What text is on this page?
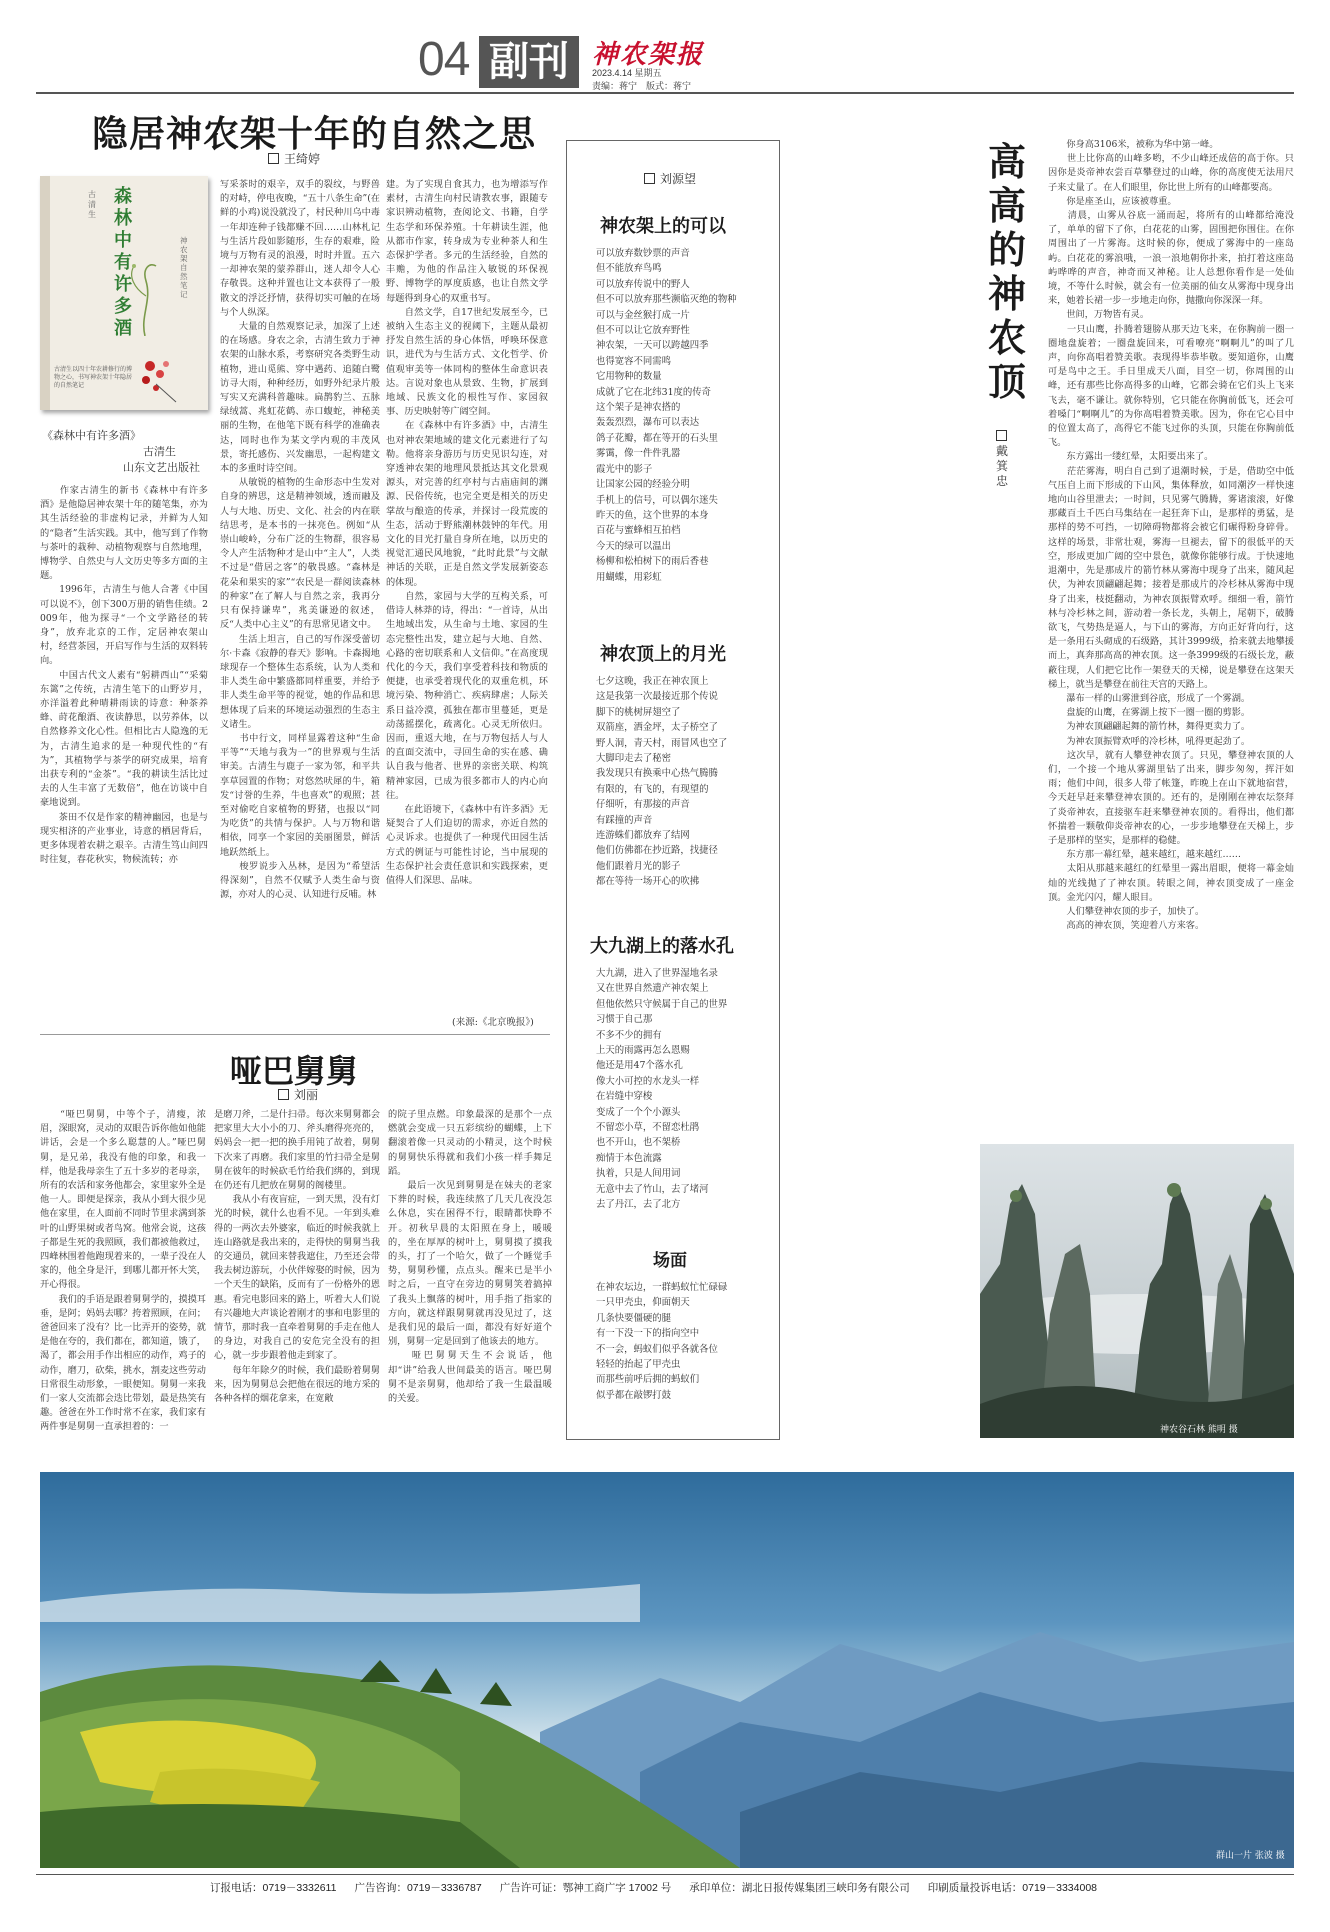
04 副刊 神农架报
2023.4.14 星期五
责编：蒋宁　版式：蒋宁
隐居神农架十年的自然之思
王绮婷
森林中有许多酒
古清生
神农架自然笔记
古清生以四十年农耕修行的博物之心，书写神农架十年隐居的自然笔记
《森林中有许多酒》
古清生
山东文艺出版社
　　作家古清生的新书《森林中有许多酒》是他隐居神农架十年的随笔集，亦为其生活经验的非虚构记录，并鲜为人知的“隐者”生活实践。其中，他写到了作物与茶叶的栽种、动植物观察与自然地理，博物学、自然史与人文历史等多方面的主题。
　　1996年，古清生与他人合著《中国可以说不》，创下300万册的销售佳绩。2009年，他为探寻“一个文学路径的转身”，放弃北京的工作，定居神农架山村，经营茶园，开启写作与生活的双料转向。
　　中国古代文人素有“躬耕西山”“采菊东篱”之传统，古清生笔下的山野岁月，亦洋溢着此种晴耕雨读的诗意：种茶养蜂、莳花酿酒、夜读静思，以劳养体，以自然修养文化心性。但相比古人隐逸的无为，古清生追求的是一种现代性的“有为”，其植物学与茶学的研究成果，培育出获专利的“金茶”。“我的耕读生活比过去的人生丰富了无数倍”，他在访谈中自豪地说到。
　　茶田不仅是作家的精神幽园，也是与现实相济的产业事业，诗意的栖居背后，更多体现着农耕之艰辛。古清生笃山间四时往复，春花秋实，物候流转；亦
写采茶时的艰辛，双手的裂纹，与野兽的对峙，停电夜晚，“五十八条生命”(在鲜的小鸡)说没就没了，村民种川乌中毒一年却连种子钱都赚不回……山林札记与生活片段如影随形，生存的艰难，险境与万物有灵的浪漫，时时并置。五六一却神农架的蒙养群山，迷人却令人心存敬畏。这种并置也让文本获得了一般散文的浮泛抒情，获得切实可触的在场与个人纵深。
　　大量的自然观察记录，加深了上述的在场感。身农之余，古清生致力于神农架的山脉水系，考察研究各类野生动植物，进山觅熊、穿中遇药、追随白鹭访寻大雨，种种经历，如野外纪录片般写实又充满科普趣味。扁鹊豹兰、五脉绿绒蒿、兆虹花鹤、赤口蝮蛇，神秘美丽的生物，在他笔下既有科学的准确表达，同时也作为某文学内观的丰茂风景，寄托感伤、兴发幽思，一起构建文本的多重时诗空间。
　　从敏锐的植物的生命形态中生发对自身的辨思，这是精神领域，透而融及人与大地、历史、文化、社会的内在联结思考，是本书的一抹亮色。例如“从崇山峻岭，分布广泛的生物群，很容易令人产生活物种才是山中“主人”，人类不过是“借居之客”的敬畏感。“森林是花朵和果实的家”“农民是一群阅读森林的种家”在了解人与自然之亲，我再分只有保持谦卑”，兆美谦逊的叙述，反“人类中心主义”的有思常见诸文中。
　　生活上坦言，自己的写作深受蕾切尔·卡森《寂静的春天》影响。卡森揭地球现存一个整体生态系统，认为人类和非人类生命中繁盛都同样重要，并给予非人类生命平等的视觉，她的作品和思想体现了后来的环境运动强烈的生态主义诸生。
　　书中行文，同样显露着这种“生命平等”“天地与我为一”的世界观与生活审美。古清生与鹿子一家为邻，和平共享草园置的作物；对悠然吠犀的牛，箱发“讨誉的生养，牛也喜欢”的观照；甚至对偷吃自家植物的野猪，也报以“同为吃货”的共情与保护。人与万物和谐相依，同享一个家园的美丽图景，鲜活地跃然纸上。
　　梭罗说步入丛林，是因为“希望活得深刻”，自然不仅赋予人类生命与资源，亦对人的心灵、认知进行反哺。林
建。为了实现自食其力，也为增添写作素材，古清生向村民请教农事，跟随专家识辨动植物，查阅论文、书籍，自学生态学和环保养殖。十年耕读生涯，他从都市作家，转身成为专业种茶人和生态保护学者。多元的生活经验，自然的丰赡，为他的作品注入敏锐的环保视野、博物学的厚度质感，也让自然文学每题得到身心的双重书写。
　　自然文学，自17世纪发展至今，已被纳入生态主义的视阈下，主题从最初抒发自然生活的身心体悟，呼唤环保意识，进代为与生活方式、文化哲学、价值观审美等一体同构的整体生命意识表达。言说对象也从景致、生物，扩展到地域、民族文化的根性写作、家园叙事、历史映射等广阔空间。
　　在《森林中有许多酒》中，古清生也对神农架地域的建文化元素进行了勾勒。他将亲身游历与历史见识勾连，对穿透神农架的地理风景抵达其文化景观源头，对完善的红亭村与古庙庙间的渊源、民俗传统，也完全更是相关的历史掌故与酿造的传承，并探讨一段荒废的生态，活动于野熊潮林鼓钟的年代。用文化的目光打量自身所在地，以历史的视觉汇通民风地貌，“此时此景”与文献神话的关联，正是自然文学发展新姿态的体现。
　　自然，家园与大学的互构关系，可借诗人林莽的诗，得出：“一首诗，从出生地域出发，从生命与土地、家园的生态完整性出发，建立起与大地、自然、心路的密切联系和人文信仰。”在高度现代化的今天，我们享受着科技和物质的便捷，也承受着现代化的双重危机，环境污染、物种消亡、疾病肆虐；人际关系日益冷漠，孤独在都市里蔓延，更是动荡摇摆化，疏离化。心灵无所依归。因而，重返大地，在与万物包括人与人的直面交流中，寻回生命的实在感、确认自我与他者、世界的亲密关联、构筑精神家园，已成为很多都市人的内心向往。
　　在此语境下，《森林中有许多酒》无疑契合了人们迫切的需求，亦近自然的心灵诉求。也提供了一种现代田园生活方式的例证与可能性讨论，当中展现的生态保护社会责任意识和实践探索，更值得人们深思、品味。
(来源:《北京晚报》)
哑巴舅舅
刘丽
　　“哑巴舅舅，中等个子，清瘦，浓眉，深眼窝，灵动的双眼告诉你他如他能讲话，会是一个多么聪慧的人。”哑巴舅舅，是兄弟，我没有他的印象，和我一样，他是我母亲生了五十多岁的老母亲，所有的农活和家务他都会，家里家外全是他一人。即便是探亲，我从小到大很少见他在家里，在人面前不同时节里求满到茶叶的山野果树或者鸟窝。他常会说，这孩子都是生死的我照顾，我们都被他救过，四峰林围着他跑现着来的，一辈子没在人家的，他全身是汗，到哪儿都开怀大笑，开心得很。
　　我们的手语是跟着舅舅学的，摸摸耳垂，是阿；妈妈去哪？挎着照顾，在问；爸爸回来了没有？比一比弄开的姿势，就是他在夸的，我们都在，都知道，饿了，渴了，都会用手作出相应的动作，鸡子的动作，磨刀，砍柴，挑水，割麦这些劳动日常很生动形象，一眼便知。舅舅一来我们一家人交流都会迭比带划，最是热笑有趣。爸爸在外工作时常不在家，我们家有两件事是舅舅一直承担着的：一
是磨刀斧，二是什扫帚。每次来舅舅都会把家里大大小小的刀、斧头磨得亮亮的，妈妈会一把一把的换手用钝了故着，舅舅下次来了再磨。我们家里的竹扫帚全是舅舅在彼年的时候砍毛竹给我们绑的，到现在仍还有几把放在舅舅的阁楼里。
　　我从小有夜盲症，一到天黑，没有灯光的时候，就什么也看不见。一年到头难得的一两次去外婆家，临近的时候我就上连山路就是我出来的，走得快的舅舅当我的交通员，就回来替我遮住，乃至还会带我去树边游玩，小伙伴嫁娶的时候，因为一个天生的缺陷，反而有了一份格外的恩惠。看完电影回来的路上，听着大人们说有兴趣地大声谈论着刚才的事和电影里的情节，那时我一直牵着舅舅的手走在他人的身边，对我自己的安危完全没有的担心，就一步步跟着他走到家了。
　　每年年除夕的时候，我们最盼着舅舅来，因为舅舅总会把他在很远的地方采的各种各样的烟花拿来，在宽敞
的院子里点燃。印象最深的是那个一点燃就会变成一只五彩缤纷的蝴蝶，上下翻滚着像一只灵动的小精灵，这个时候的舅舅快乐得就和我们小孩一样手舞足蹈。
　　最后一次见到舅舅是在妹夫的老家下葬的时候，我连续熬了几天几夜没怎么休息，实在困得不行，眼睛都快睁不开。初秋早晨的太阳照在身上，暖暖的，坐在厚厚的树叶上，舅舅摸了摸我的头，打了一个哈欠，做了一个睡觉手势，舅舅秒懂，点点头。醒来已是半小时之后，一直守在旁边的舅舅笑着搞掉了我头上飘落的树叶，用手指了指家的方向，就这样跟舅舅就再没见过了，这是我们见的最后一面，都没有好好道个别，舅舅一定是回到了他该去的地方。
　　哑巴舅舅天生不会说话，他却“讲”给我人世间最美的语言。哑巴舅舅不是亲舅舅，他却给了我一生最温暖的关爱。
刘源望
神农架上的可以
可以放弃数钞票的声音
但不能放弃鸟鸣
可以放弃传说中的野人
但不可以放弃那些濒临灭绝的物种
可以与金丝猴打成一片
但不可以让它放弃野性
神农架，一天可以跨越四季
也得宽容不同需鸣
它用物种的数量
成就了它在北纬31度的传奇
这个架子是神农搭的
轰轰烈烈，瀑布可以表达
鸽子花瓣，都在等开的石头里
雾霭，像一件件乳嚣
霞光中的影子
让国家公园的经验分明
手机上的信号，可以偶尔迷失
昨天的鱼，这个世界的本身
百花与蜜蜂相互拍档
今天的绿可以温出
杨柳和松柏树下的雨后香巷
用蝴蝶，用彩虹
神农顶上的月光
七夕这晚，我正在神农顶上
这是我第一次最接近那个传说
脚下的桃树屏翅空了
双箭座，洒金坪，太子桥空了
野人洞，青天村，雨冒风也空了
大脚印走去了秘密
我发现只有换乘中心热气腾腾
有限的，有飞的，有现望的
仔细听，有那接的声音
有踩撞的声音
连游蛛们都放弃了结网
他们仿佛都在抄近路，找捷径
他们跟着月光的影子
都在等待一场开心的吹拂
大九湖上的落水孔
大九湖，进入了世界湿地名录
又在世界自然遗产神农架上
但他依然只守候属于自己的世界
习惯于自己那
不多不少的拥有
上天的雨露再怎么恩赐
他还是用47个落水孔
像大小可控的水龙头一样
在岩缝中穿梭
变成了一个个小源头
不留恋小草，不留恋杜鹃
也不开山，也不架桥
痴情于本色流露
执着，只是人间用词
无意中去了竹山，去了堵河
去了丹江，去了北方
场面
在神农坛边，一群蚂蚁忙忙碌碌
一只甲壳虫，仰面朝天
几条快要僵硬的腿
有一下没一下的指向空中
不一会，蚂蚁们似乎各就各位
轻轻的抬起了甲壳虫
而那些前呼后拥的蚂蚁们
似乎都在敲锣打鼓
高高的神农顶
戴箕忠
　　你身高3106米，被称为华中第一峰。
　　世上比你高的山峰多哟，不少山峰还成倍的高于你。只因你是炎帝神农尝百草攀登过的山峰，你的高度使无法用尺子来丈量了。在人们眼里，你比世上所有的山峰都要高。
　　你是座圣山，应该被尊重。
　　清晨，山雾从谷底一涌而起，将所有的山峰都给淹没了，单单的留下了你，白花花的山雾，固围把你围住。在你周围出了一片雾海。这时候的你，便成了雾海中的一座岛屿。白花花的雾浪哦，一浪一浪地朝你扑来，拍打着这座岛屿哗哗的声音，神奇而又神秘。让人总想你看作是一处仙境，不等什么时候，就会有一位美丽的仙女从雾海中现身出来，她着长裙一步一步地走向你，抛撒向你深深一拜。
　　世间，万物皆有灵。
　　一只山鹰，扑腾着翅膀从那天边飞来，在你胸前一圈一圈地盘旋着；一圈盘旋回来，可看嘹亮“啊啊儿”的叫了几声，向你高唱着赞美歌。表现得毕恭毕敬。要知道你，山鹰可是鸟中之王。手日里成天八面，目空一切，你周围的山峰，还有那些比你高得多的山峰，它都会骑在它们头上飞来飞去，毫不谦让。就你特别，它只能在你胸前低飞，还会可着嗓门“啊啊儿”的为你高唱着赞美歌。因为，你在它心目中的位置太高了，高得它不能飞过你的头顶，只能在你胸前低飞。
　　东方露出一缕红晕，太阳要出来了。
　　茫茫雾海，明白自己到了退潮时候，于是，借助空中低气压自上而下形成的下山风，集体释放，如同潮汐一样快速地向山谷里泄去；一时间，只见雾气腾腾，雾诸滚滚，好像那藏百土千匹白马集结在一起狂奔下山，是那样的勇猛，是那样的势不可挡，一切障碍物都将会被它们碾得粉身碎骨。这样的场景，非常壮观，雾海一旦褪去，留下的很低平的天空，形成更加广阔的空中景色，就像你能够行成。于快速地退潮中，先是那成片的箭竹林从雾海中现身了出来，随风起伏，为神农顶翩翩起舞；接着是那成片的冷杉林从雾海中现身了出来，枝挺翻动，为神农顶振臂欢呼。细细一看，箭竹林与冷杉林之间，游动着一条长龙，头朝上，尾朝下，破腾欲飞，气势热是逼人，与下山的雾海，方向正好背向行，这是一条用石头砌成的石级路，其计3999级，拾来就去地攀援而上，真奔那高高的神农顶。这一条3999级的石级长龙，蔽蔽往现，人们把它比作一架登天的天梯，说是攀登在这架天梯上，就当是攀登在前往天宫的天路上。
　　瀑布一样的山雾泄到谷底，形成了一个雾湖。
　　盘旋的山鹰，在雾湖上按下一圈一圈的剪影。
　　为神农顶翩翩起舞的箭竹林，舞得更卖力了。
　　为神农顶振臂欢呼的冷杉林，吼得更起劲了。
　　这次早，就有人攀登神农顶了。只见，攀登神农顶的人们，一个接一个地从雾湖里钻了出来，脚步匆匆，挥汗如雨；他们中间，很多人带了帐篷，昨晚上在山下就地宿营，今天赶早赶来攀登神农顶的。还有的，是刚刚在神农坛祭拜了炎帝神农，直接驱车赶来攀登神农顶的。看得出，他们都怀揣着一颗敬仰炎帝神农的心，一步步地攀登在天梯上，步子是那样的坚实，是那样的稳健。
　　东方那一幕红晕，越来越红，越来越红……
　　太阳从那越来越红的红晕里一露出眉眼，便将一幕金灿灿的光线抛了了神农顶。转眼之间，神农顶变成了一座金顶。金光闪闪，耀人眼目。
　　人们攀登神农顶的步子，加快了。
　　高高的神农顶，笑迎着八方来客。
神农谷石林 熊明 摄
群山一片 张波 摄
订报电话：0719－3332611 广告咨询：0719－3336787 广告许可证：鄂神工商广字 17002 号 承印单位：湖北日报传媒集团三峡印务有限公司 印刷质量投诉电话：0719－3334008
